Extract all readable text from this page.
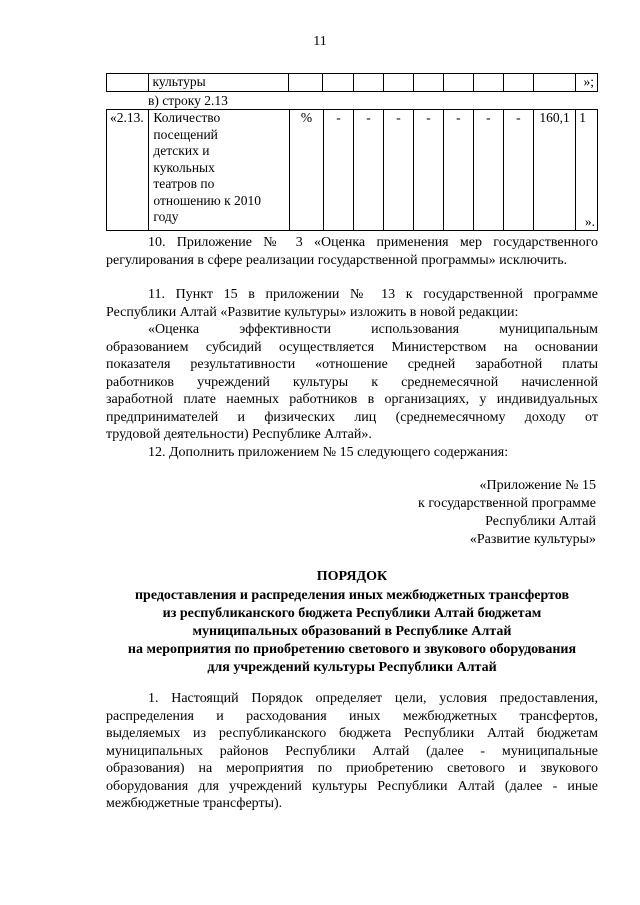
11
	культуры										»;
в) строку 2.13
«2.13.	Количество
посещений
детских и
кукольных
театров по
отношению к 2010
году
	%	-	-	-	-	-	-	-	160,1	1
».
10. Приложение № 3 «Оценка применения мер государственного регулирования в сфере реализации государственной программы» исключить.
11. Пункт 15 в приложении № 13 к государственной программе
Республики Алтай «Развитие культуры» изложить в новой редакции:
«Оценка эффективности использования муниципальным
образованием субсидий осуществляется Министерством на основании
показателя результативности «отношение средней заработной платы
работников учреждений культуры к среднемесячной начисленной
заработной плате наемных работников в организациях, у индивидуальных
предпринимателей и физических лиц (среднемесячному доходу от
трудовой деятельности) Республике Алтай».
12. Дополнить приложением № 15 следующего содержания:
«Приложение № 15
к государственной программе
Республики Алтай
«Развитие культуры»
ПОРЯДОК
предоставления и распределения иных межбюджетных трансфертов
из республиканского бюджета Республики Алтай бюджетам
муниципальных образований в Республике Алтай
на мероприятия по приобретению светового и звукового оборудования
для учреждений культуры Республики Алтай
1. Настоящий Порядок определяет цели, условия предоставления,
распределения и расходования иных межбюджетных трансфертов,
выделяемых из республиканского бюджета Республики Алтай бюджетам
муниципальных районов Республики Алтай (далее - муниципальные
образования) на мероприятия по приобретению светового и звукового
оборудования для учреждений культуры Республики Алтай (далее - иные
межбюджетные трансферты).
